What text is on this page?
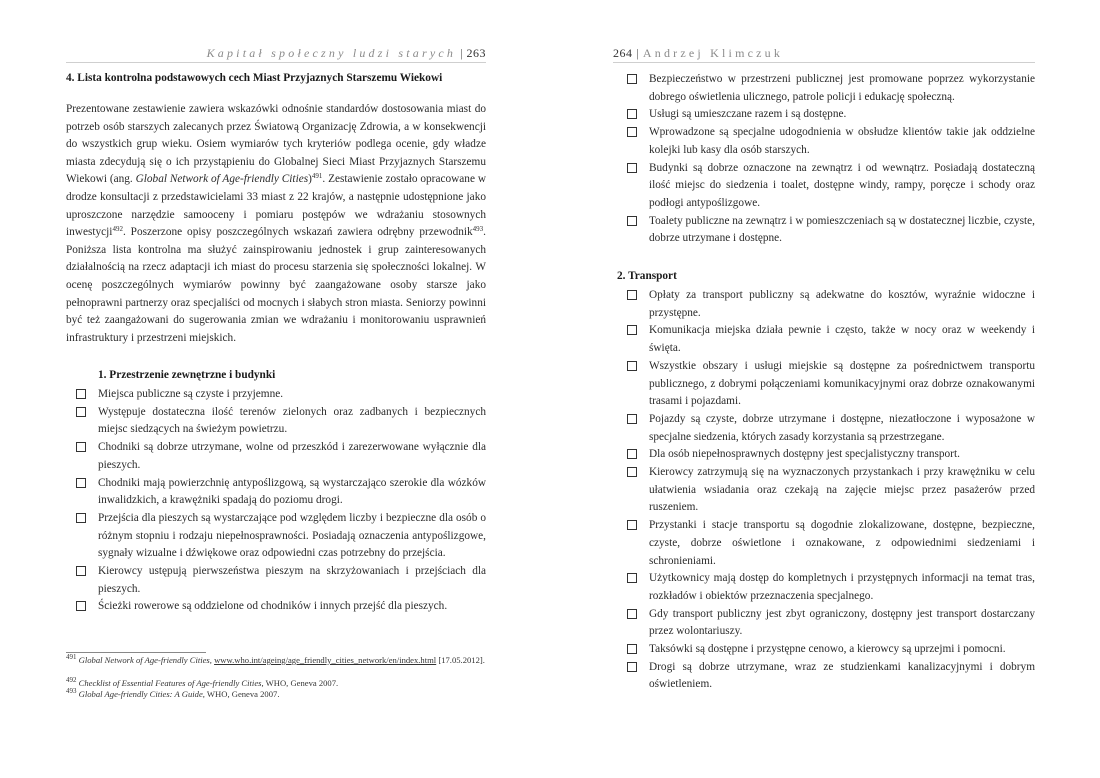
Kapitał społeczny ludzi starych | 263
4. Lista kontrolna podstawowych cech Miast Przyjaznych Starszemu Wiekowi

Prezentowane zestawienie zawiera wskazówki odnośnie standardów dostosowania miast do potrzeb osób starszych zalecanych przez Światową Organizację Zdrowia, a w konsekwencji do wszystkich grup wieku. Osiem wymiarów tych kryteriów podlega ocenie, gdy władze miasta zdecydują się o ich przystąpieniu do Globalnej Sieci Miast Przyjaznych Starszemu Wiekowi (ang. Global Network of Age-friendly Cities)$^{491}$. Zestawienie zostało opracowane w drodze konsultacji z przedstawicielami 33 miast z 22 krajów, a następnie udostępnione jako uproszczone narzędzie samooceny i pomiaru postępów we wdrażaniu stosownych inwestycji$^{492}$. Poszerzone opisy poszczególnych wskazań zawiera odrębny przewodnik$^{493}$. Poniższa lista kontrolna ma służyć zainspirowaniu jednostek i grup zainteresowanych działalnością na rzecz adaptacji ich miast do procesu starzenia się społeczności lokalnej. W ocenę poszczególnych wymiarów powinny być zaangażowane osoby starsze jako pełnoprawni partnerzy oraz specjaliści od mocnych i słabych stron miasta. Seniorzy powinni być też zaangażowani do sugerowania zmian we wdrażaniu i monitorowaniu usprawnień infrastruktury i przestrzeni miejskich.

1. Przestrzenie zewnętrzne i budynki
Miejsca publiczne są czyste i przyjemne.
Występuje dostateczna ilość terenów zielonych oraz zadbanych i bezpiecznych miejsc siedzących na świeżym powietrzu.
Chodniki są dobrze utrzymane, wolne od przeszkód i zarezerwowane wyłącznie dla pieszych.
Chodniki mają powierzchnię antypoślizgową, są wystarczająco szerokie dla wózków inwalidzkich, a krawężniki spadają do poziomu drogi.
Przejścia dla pieszych są wystarczające pod względem liczby i bezpieczne dla osób o różnym stopniu i rodzaju niepełnosprawności. Posiadają oznaczenia antypoślizgowe, sygnały wizualne i dźwiękowe oraz odpowiedni czas potrzebny do przejścia.
Kierowcy ustępują pierwszeństwa pieszym na skrzyżowaniach i przejściach dla pieszych.
Ścieżki rowerowe są oddzielone od chodników i innych przejść dla pieszych.

$^{491}$ Global Network of Age-friendly Cities, www.who.int/ageing/age_friendly_cities_network/en/index.html [17.05.2012].

$^{492}$ Checklist of Essential Features of Age-friendly Cities, WHO, Geneva 2007.

$^{493}$ Global Age-friendly Cities: A Guide, WHO, Geneva 2007.

264 | Andrzej Klimczuk
Bezpieczeństwo w przestrzeni publicznej jest promowane poprzez wykorzystanie dobrego oświetlenia ulicznego, patrole policji i edukację społeczną.
Usługi są umieszczane razem i są dostępne.
Wprowadzone są specjalne udogodnienia w obsłudze klientów takie jak oddzielne kolejki lub kasy dla osób starszych.
Budynki są dobrze oznaczone na zewnątrz i od wewnątrz. Posiadają dostateczną ilość miejsc do siedzenia i toalet, dostępne windy, rampy, poręcze i schody oraz podłogi antypoślizgowe.
Toalety publiczne na zewnątrz i w pomieszczeniach są w dostatecznej liczbie, czyste, dobrze utrzymane i dostępne.
2. Transport
Opłaty za transport publiczny są adekwatne do kosztów, wyraźnie widoczne i przystępne.
Komunikacja miejska działa pewnie i często, także w nocy oraz w weekendy i święta.
Wszystkie obszary i usługi miejskie są dostępne za pośrednictwem transportu publicznego, z dobrymi połączeniami komunikacyjnymi oraz dobrze oznakowanymi trasami i pojazdami.
Pojazdy są czyste, dobrze utrzymane i dostępne, niezatłoczone i wyposażone w specjalne siedzenia, których zasady korzystania są przestrzegane.
Dla osób niepełnosprawnych dostępny jest specjalistyczny transport.
Kierowcy zatrzymują się na wyznaczonych przystankach i przy krawężniku w celu ułatwienia wsiadania oraz czekają na zajęcie miejsc przez pasażerów przed ruszeniem.
Przystanki i stacje transportu są dogodnie zlokalizowane, dostępne, bezpieczne, czyste, dobrze oświetlone i oznakowane, z odpowiednimi siedzeniami i schronieniami.
Użytkownicy mają dostęp do kompletnych i przystępnych informacji na temat tras, rozkładów i obiektów przeznaczenia specjalnego.
Gdy transport publiczny jest zbyt ograniczony, dostępny jest transport dostarczany przez wolontariuszy.
Taksówki są dostępne i przystępne cenowo, a kierowcy są uprzejmi i pomocni.
Drogi są dobrze utrzymane, wraz ze studzienkami kanalizacyjnymi i dobrym oświetleniem.
